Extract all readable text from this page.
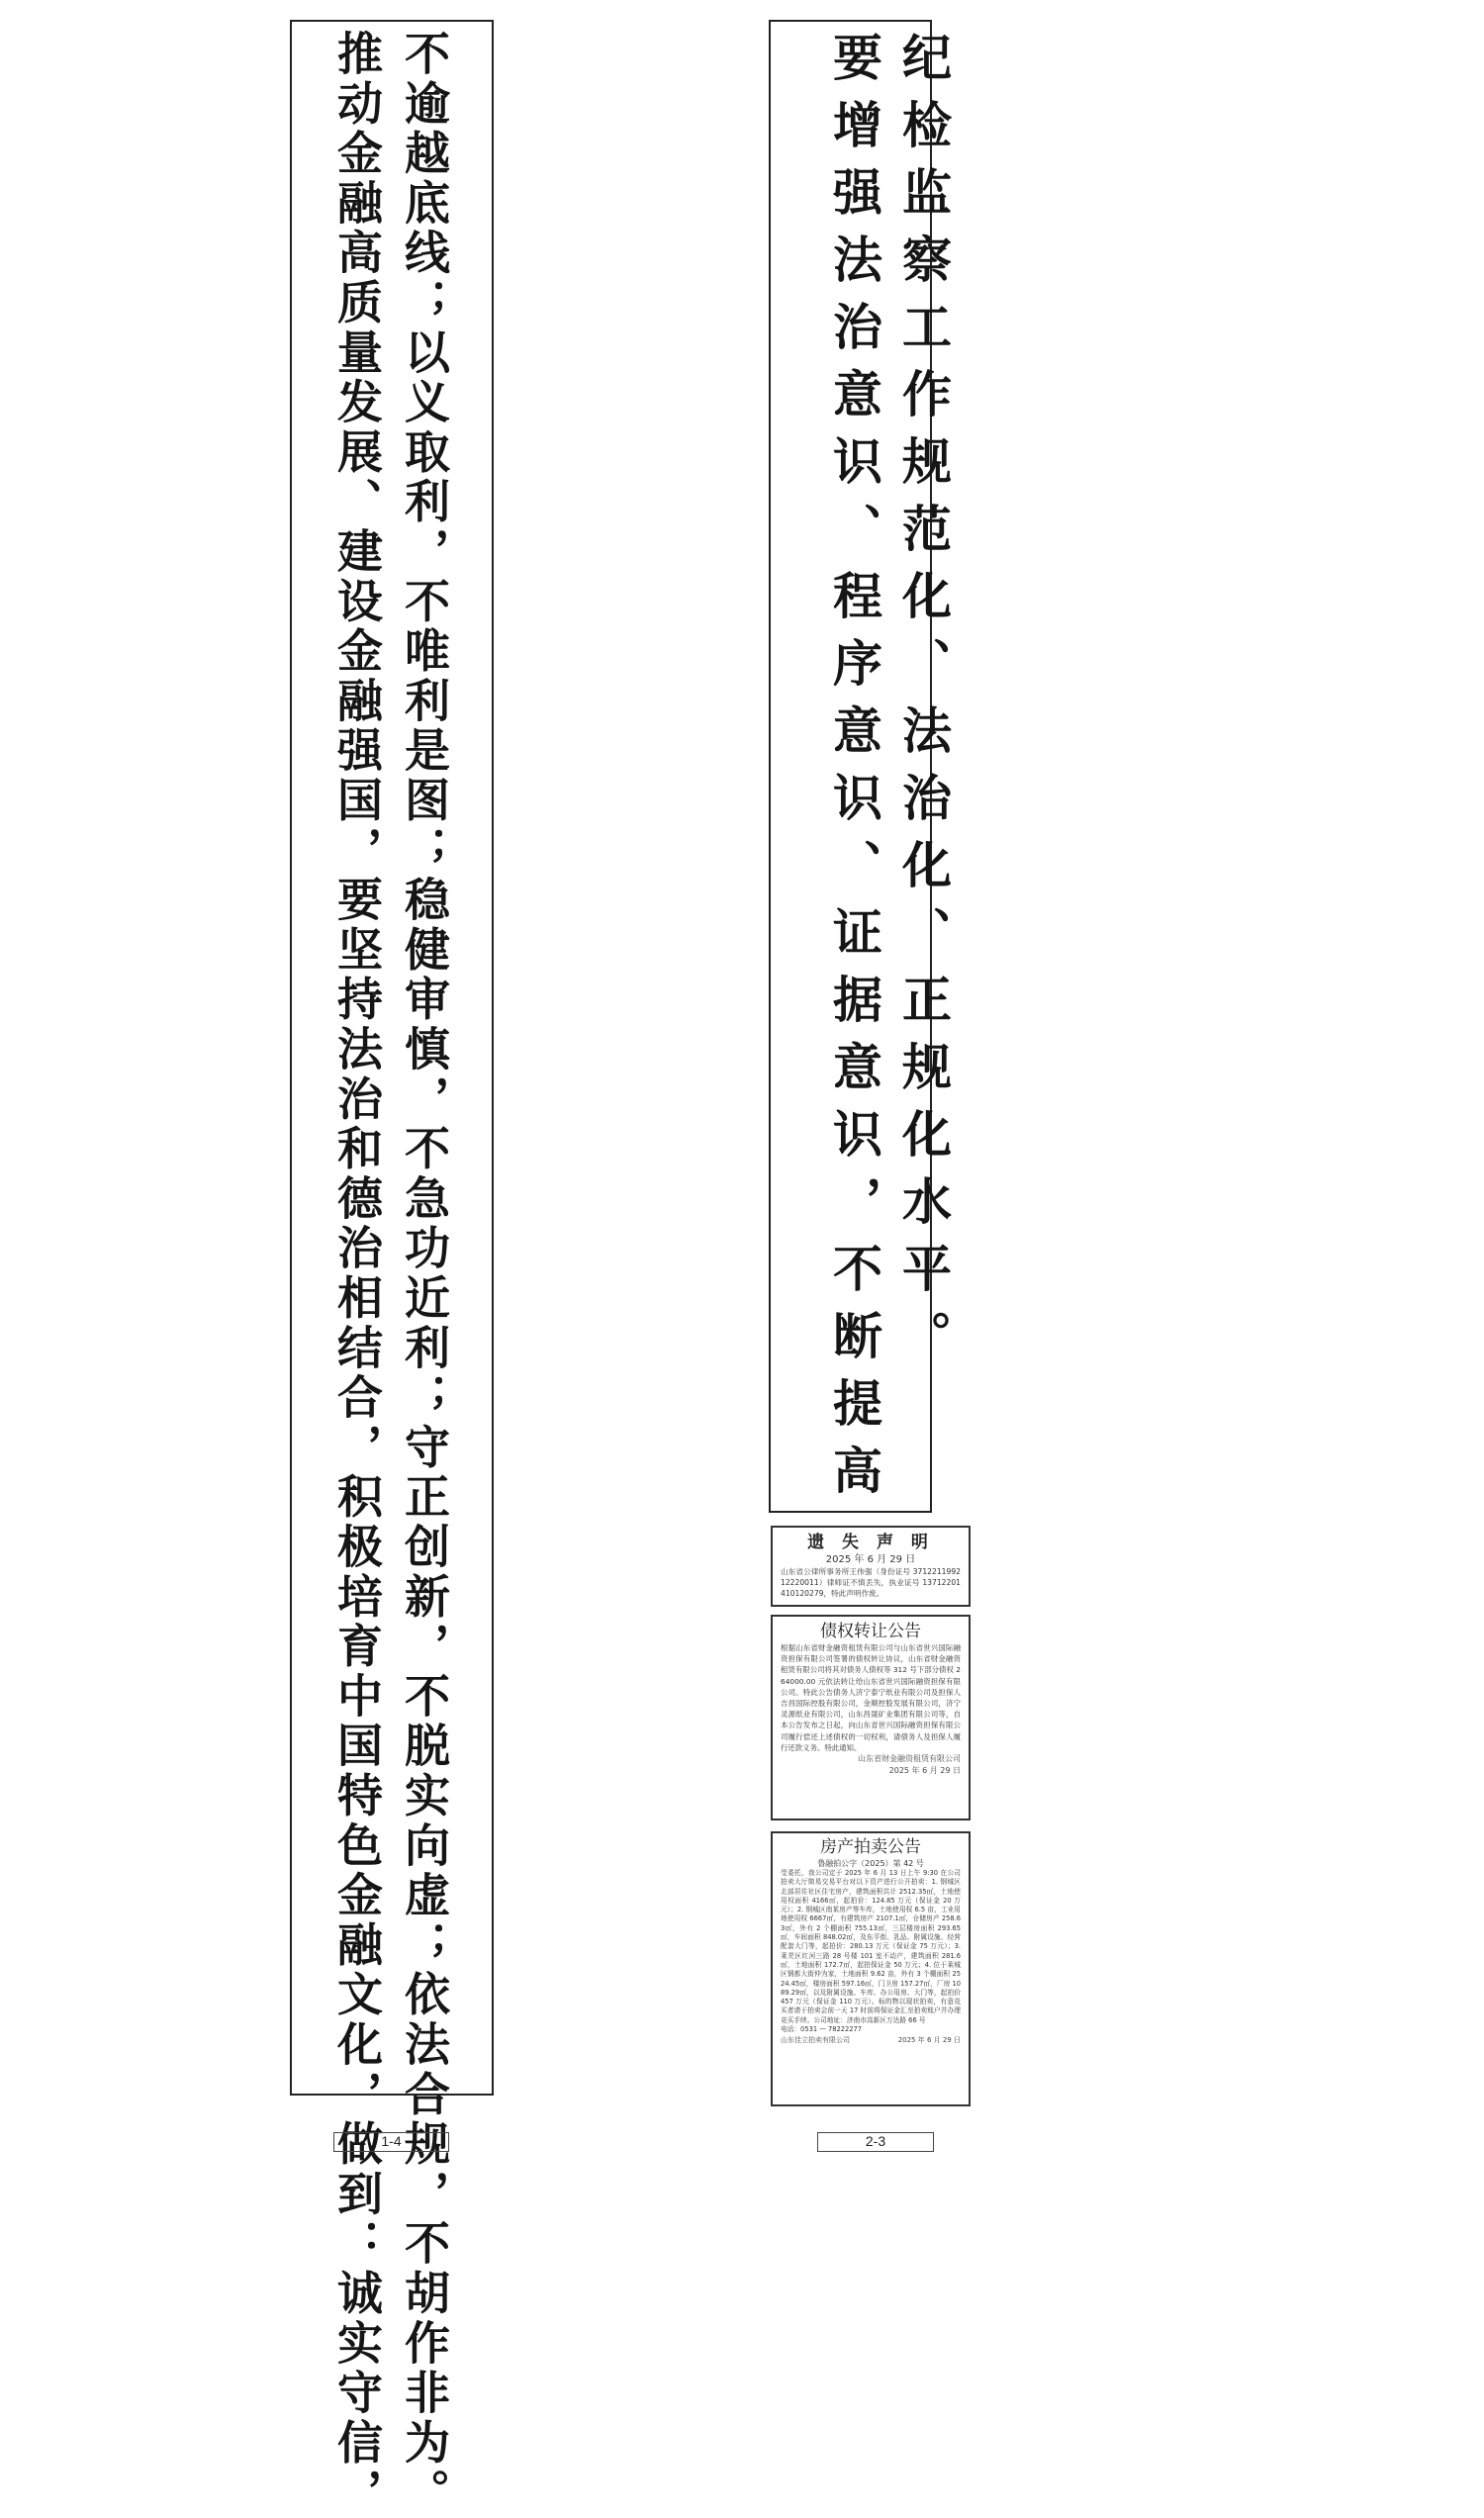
不逾越底线；以义取利，不唯利是图；稳健审慎，不急功近利；守正创新，不脱实向虚；依法合规，不胡作非为。
推动金融高质量发展、建设金融强国，要坚持法治和德治相结合，积极培育中国特色金融文化，做到：诚实守信，
1-4
纪检监察工作规范化、法治化、正规化水平。
要增强法治意识、程序意识、证据意识，不断提高
遗 失 声 明
2025 年 6 月 29 日
山东省公律所事务所王伟强（身份证号 371221199212220011）律师证不慎丢失，执业证号 13712201410120279，特此声明作废。
债权转让公告
根据山东省财金融资租赁有限公司与山东省世兴国际融资担保有限公司签署的债权转让协议，山东省财金融资租赁有限公司将其对债务人债权等 312 号下部分债权 264000.00 元依法转让给山东省世兴国际融资担保有限公司。特此公告债务人济宁泰宁纸业有限公司及担保人吉昌国际控股有限公司，金顺控股发展有限公司，济宁灵源纸业有限公司，山东昌晟矿业集团有限公司等，自本公告发布之日起，向山东省世兴国际融资担保有限公司履行偿还上述债权的一切权利，请债务人及担保人履行还款义务。特此通知。
山东省财金融资租赁有限公司
2025 年 6 月 29 日
房产拍卖公告
鲁融拍公字（2025）第 42 号
受委托，我公司定于 2025 年 6 月 13 日上午 9:30 在公司拍卖大厅简易交易平台对以下资产进行公开拍卖：1. 钢城区北部居住社区住宅房产，建筑面积共计 2512.35㎡，土地使用权面积 4166㎡，起拍价：124.85 万元（保证金 20 万元）；2. 钢城区南某房产等车库，土地使用权 6.5 亩，工业用地使用权 6667㎡，有建筑房产 2107.1㎡，仓储房产 258.63㎡，外有 2 个棚面积 755.13㎡，三层楼房面积 293.65㎡，车间面积 848.02㎡，及东平街、乳品、附属设施、经营配套大门等，起拍价：280.13 万元（保证金 75 万元）；3. 莱芜区红河三路 28 号楼 101 室不动产，建筑面积 281.6㎡，土地面积 172.7㎡，起拍保证金 50 万元；4. 位于莱城区钢都大街仲为家，土地面积 9.62 亩，外有 3 个棚面积 2524.45㎡，楼房面积 597.16㎡，门卫房 157.27㎡，厂房 1089.29㎡，以及附属设施、车库、办公用房、大门等，起拍价 457 万元（保证金 110 万元）。标的物以现状拍卖，有意竞买者请于拍卖会前一天 17 时前将保证金汇至拍卖账户并办理竞买手续。公司地址：济南市高新区万达路 66 号
电话：0531 — 78222277
山东佳立拍卖有限公司	2025 年 6 月 29 日
2-3
